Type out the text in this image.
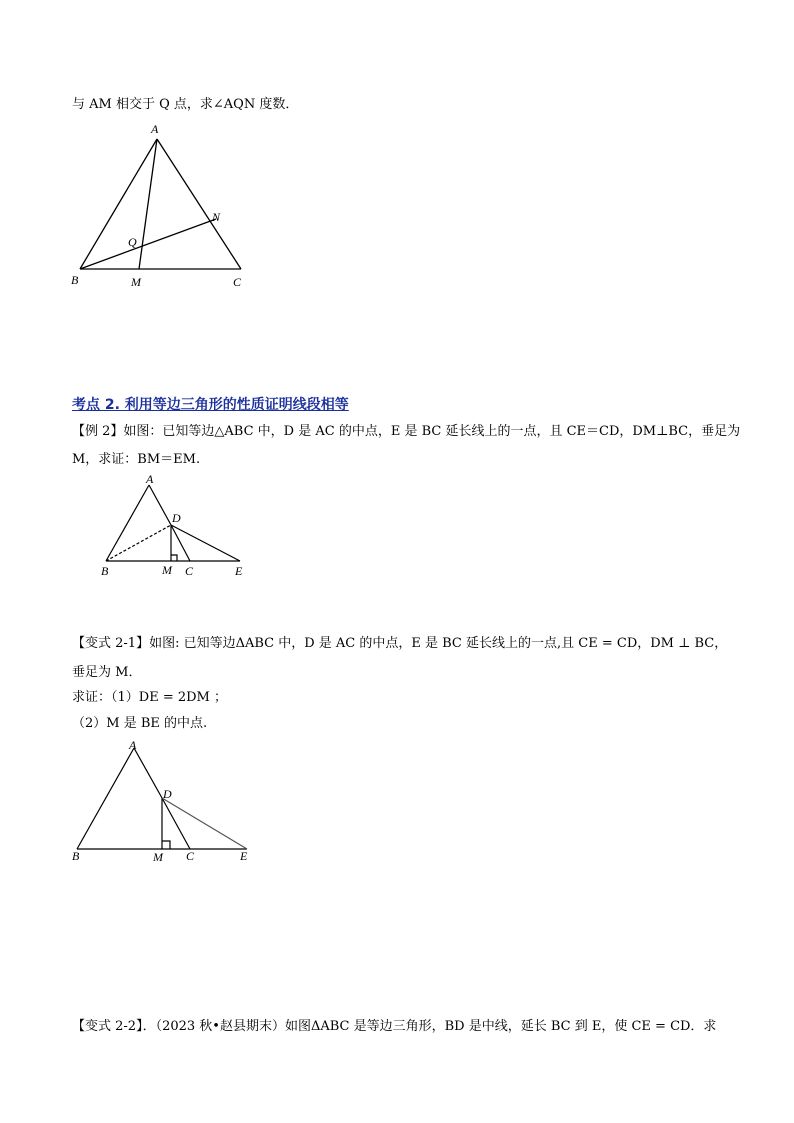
与 AM 相交于 Q 点，求∠AQN 度数．
A
B	C
M
N
Q
考点 2. 利用等边三角形的性质证明线段相等
【例 2】如图：已知等边△ABC 中，D 是 AC 的中点，E 是 BC 延长线上的一点，且 CE＝CD，DM⊥BC，垂足为
M，求证：BM＝EM.
A
B	C
D
E
M
【变式 2-1】如图: 已知等边ΔABC 中，D 是 AC 的中点，E 是 BC 延长线上的一点,且 CE = CD，DM ⊥ BC，
垂足为 M．
求证：（1）DE = 2DM ；
（2）M 是 BE 的中点.
A
B	C
D
E
M
【变式 2-2】．（2023 秋•赵县期末）如图ΔABC 是等边三角形，BD 是中线，延长 BC 到 E，使 CE = CD．求
